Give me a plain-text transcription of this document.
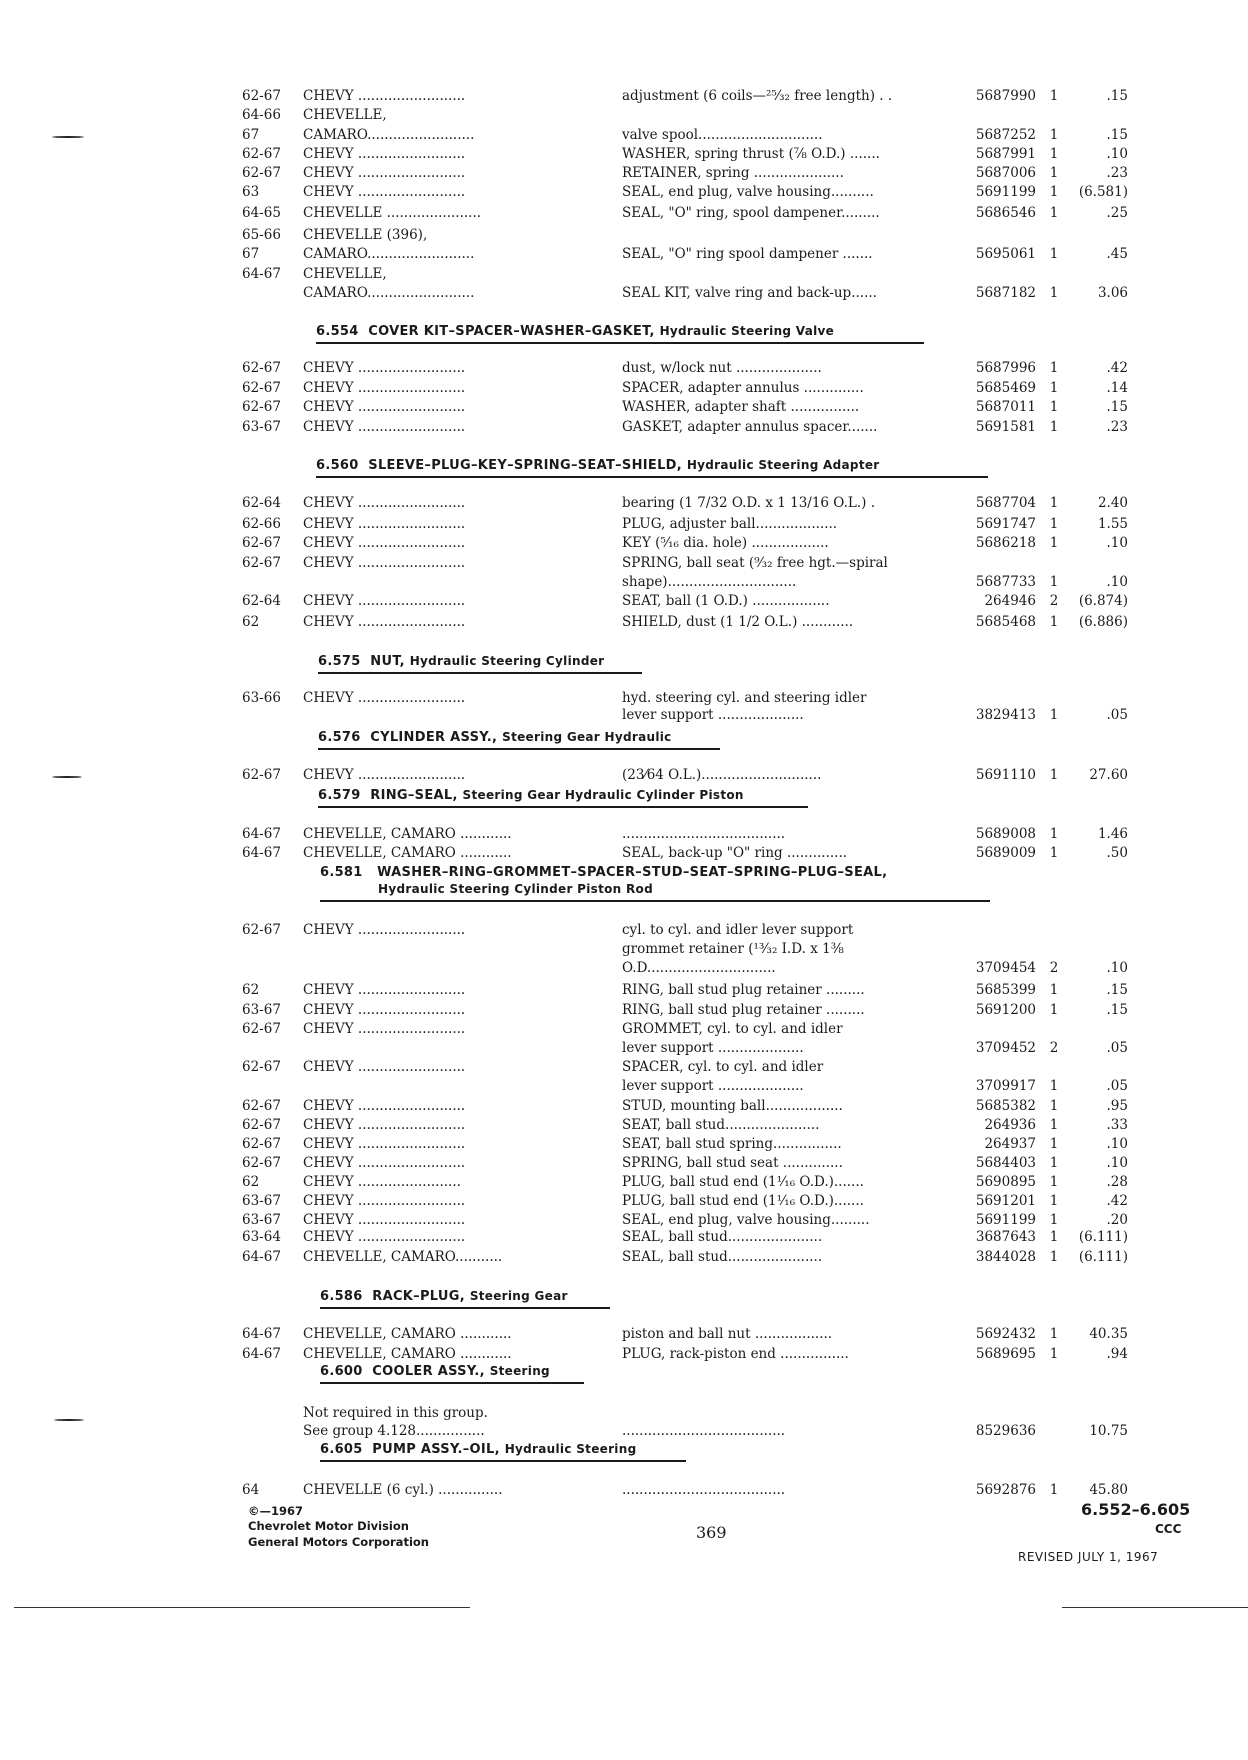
62-67 CHEVY .........................	adjustment (6 coils—²⁵⁄₃₂ free length) . .	5687990 1	.15
64-66 CHEVELLE,
67	CAMARO.........................	valve spool.............................	5687252 1	.15
62-67 CHEVY .........................	WASHER, spring thrust (⅞ O.D.) .......	5687991 1	.10
62-67 CHEVY .........................	RETAINER, spring .....................	5687006 1	.23
63	CHEVY .........................	SEAL, end plug, valve housing..........	5691199 1	(6.581)
64-65 CHEVELLE ......................	SEAL, "O" ring, spool dampener.........	5686546 1	.25
65-66 CHEVELLE (396),
67	CAMARO.........................	SEAL, "O" ring spool dampener .......	5695061 1	.45
64-67 CHEVELLE,
CAMARO.........................	SEAL KIT, valve ring and back-up......	5687182 1	3.06
62-67 CHEVY .........................	dust, w/lock nut ....................	5687996 1	.42
62-67 CHEVY .........................	SPACER, adapter annulus ..............	5685469 1	.14
62-67 CHEVY .........................	WASHER, adapter shaft ................	5687011 1	.15
63-67 CHEVY .........................	GASKET, adapter annulus spacer.......	5691581 1	.23
62-64 CHEVY .........................	bearing (1 7/32 O.D. x 1 13/16 O.L.) .	5687704 1	2.40
62-66 CHEVY .........................	PLUG, adjuster ball...................	5691747 1	1.55
62-67 CHEVY .........................	KEY (⁵⁄₁₆ dia. hole) ..................	5686218 1	.10
62-67 CHEVY .........................	SPRING, ball seat (⁹⁄₃₂ free hgt.—spiral
shape)..............................	5687733 1	.10
62-64 CHEVY .........................	SEAT, ball (1 O.D.) ..................	264946 2	(6.874)
62	CHEVY .........................	SHIELD, dust (1 1/2 O.L.) ............	5685468 1	(6.886)
63-66 CHEVY .........................	hyd. steering cyl. and steering idler
lever support ....................	3829413 1	.05
62-67 CHEVY .........................	(23⁄64 O.L.)............................	5691110 1	27.60
64-67 CHEVELLE, CAMARO ............	......................................	5689008 1	1.46
64-67 CHEVELLE, CAMARO ............	SEAL, back-up "O" ring ..............	5689009 1	.50
62-67 CHEVY .........................	cyl. to cyl. and idler lever support
grommet retainer (¹³⁄₃₂ I.D. x 1⅜
O.D..............................	3709454 2	.10
62	CHEVY .........................	RING, ball stud plug retainer .........	5685399 1	.15
63-67 CHEVY .........................	RING, ball stud plug retainer .........	5691200 1	.15
62-67 CHEVY .........................	GROMMET, cyl. to cyl. and idler
lever support ....................	3709452 2	.05
62-67 CHEVY .........................	SPACER, cyl. to cyl. and idler
lever support ....................	3709917 1	.05
62-67 CHEVY .........................	STUD, mounting ball..................	5685382 1	.95
62-67 CHEVY .........................	SEAT, ball stud......................	264936 1	.33
62-67 CHEVY .........................	SEAT, ball stud spring................	264937 1	.10
62-67 CHEVY .........................	SPRING, ball stud seat ..............	5684403 1	.10
62	CHEVY ........................	PLUG, ball stud end (1¹⁄₁₆ O.D.).......	5690895 1	.28
63-67 CHEVY .........................	PLUG, ball stud end (1¹⁄₁₆ O.D.).......	5691201 1	.42
63-67 CHEVY .........................	SEAL, end plug, valve housing.........	5691199 1	.20
63-64 CHEVY .........................	SEAL, ball stud......................	3687643 1	(6.111)
64-67 CHEVELLE, CAMARO...........	SEAL, ball stud......................	3844028 1	(6.111)
64-67 CHEVELLE, CAMARO ............	piston and ball nut ..................	5692432 1	40.35
64-67 CHEVELLE, CAMARO ............	PLUG, rack-piston end ................	5689695 1	.94
Not required in this group.
See group 4.128................	......................................	8529636	10.75
64	CHEVELLE (6 cyl.) ...............	......................................	5692876 1	45.80
6.554 COVER KIT–SPACER–WASHER–GASKET, Hydraulic Steering Valve
6.560 SLEEVE–PLUG–KEY–SPRING–SEAT–SHIELD, Hydraulic Steering Adapter
6.575 NUT, Hydraulic Steering Cylinder
6.576 CYLINDER ASSY., Steering Gear Hydraulic
6.579 RING–SEAL, Steering Gear Hydraulic Cylinder Piston
6.586 RACK–PLUG, Steering Gear
6.600 COOLER ASSY., Steering
6.605 PUMP ASSY.–OIL, Hydraulic Steering
6.581 WASHER–RING–GROMMET–SPACER–STUD–SEAT–SPRING–PLUG–SEAL,
Hydraulic Steering Cylinder Piston Rod
©—1967
Chevrolet Motor Division
General Motors Corporation	369
6.552–6.605
CCC
REVISED JULY 1, 1967
